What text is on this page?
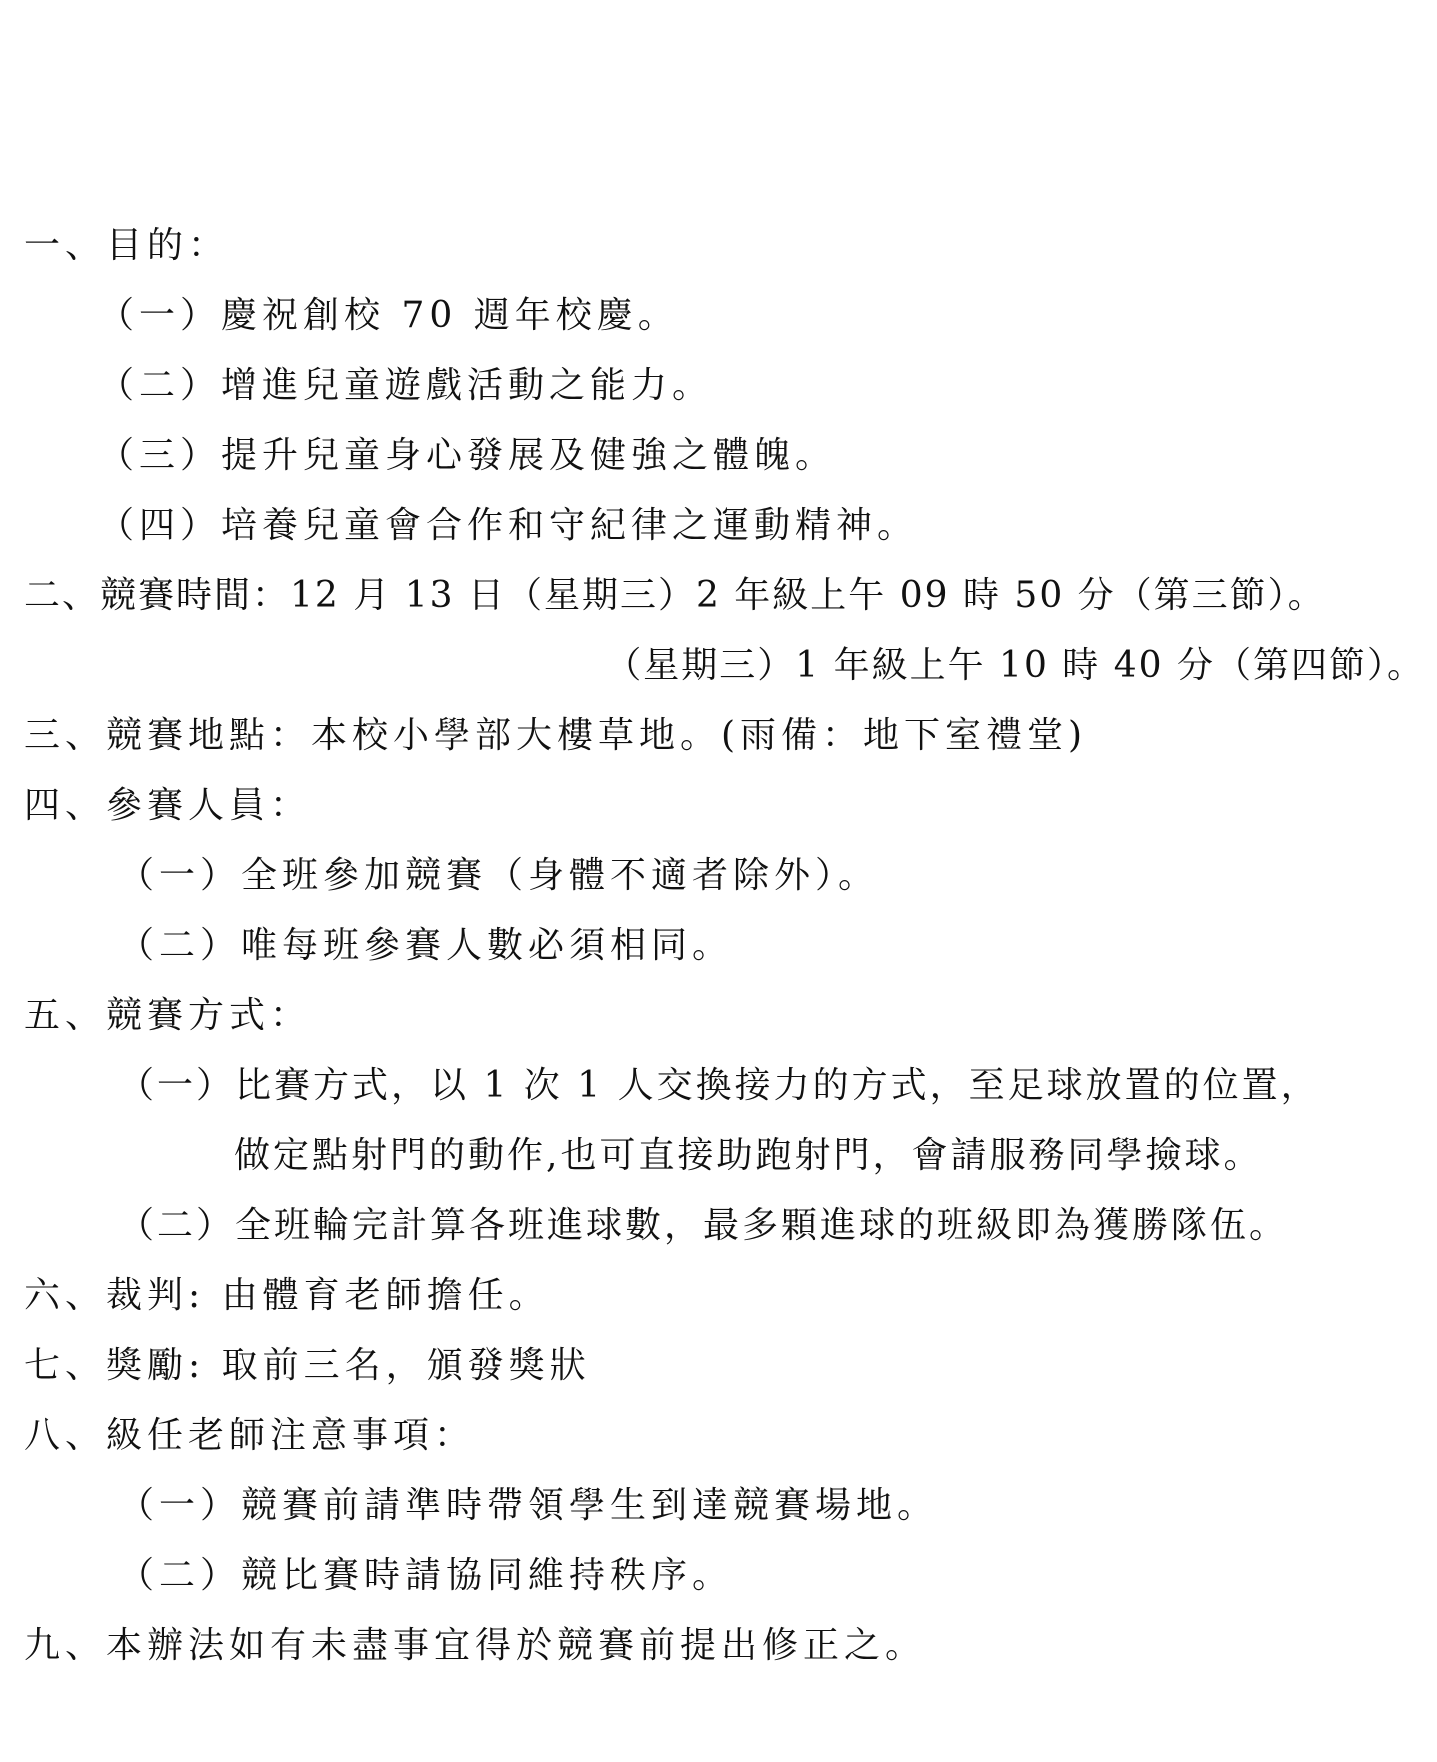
一、目的：
（一）慶祝創校 70 週年校慶。
（二）增進兒童遊戲活動之能力。
（三）提升兒童身心發展及健強之體魄。
（四）培養兒童會合作和守紀律之運動精神。
二、競賽時間：12 月 13 日（星期三）2 年級上午 09 時 50 分（第三節）。
（星期三）1 年級上午 10 時 40 分（第四節）。
三、競賽地點：本校小學部大樓草地。(雨備：地下室禮堂)
四、參賽人員：
（一）全班參加競賽（身體不適者除外）。
（二）唯每班參賽人數必須相同。
五、競賽方式：
（一）比賽方式，以 1 次 1 人交換接力的方式，至足球放置的位置，
做定點射門的動作,也可直接助跑射門，會請服務同學撿球。
（二）全班輪完計算各班進球數，最多顆進球的班級即為獲勝隊伍。
六、裁判: 由體育老師擔任。
七、獎勵: 取前三名，頒發獎狀
八、級任老師注意事項：
（一）競賽前請準時帶領學生到達競賽場地。
（二）競比賽時請協同維持秩序。
九、本辦法如有未盡事宜得於競賽前提出修正之。
